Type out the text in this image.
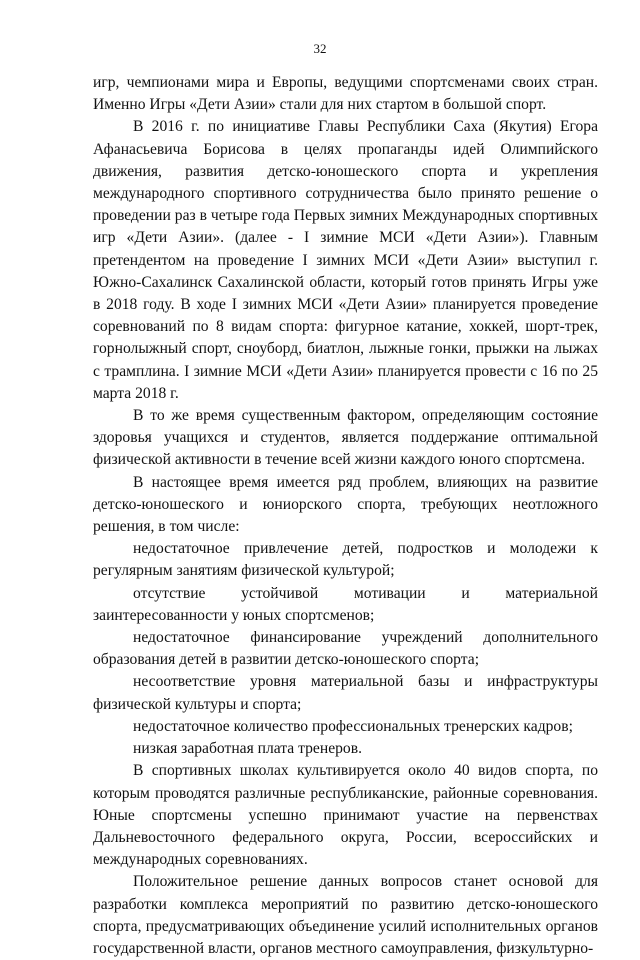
32

игр, чемпионами мира и Европы, ведущими спортсменами своих стран. Именно Игры «Дети Азии» стали для них стартом в большой спорт.

В 2016 г. по инициативе Главы Республики Саха (Якутия) Егора Афанасьевича Борисова в целях пропаганды идей Олимпийского движения, развития детско-юношеского спорта и укрепления международного спортивного сотрудничества было принято решение о проведении раз в четыре года Первых зимних Международных спортивных игр «Дети Азии». (далее - I зимние МСИ «Дети Азии»). Главным претендентом на проведение I зимних МСИ «Дети Азии» выступил г. Южно-Сахалинск Сахалинской области, который готов принять Игры уже в 2018 году. В ходе I зимних МСИ «Дети Азии» планируется проведение соревнований по 8 видам спорта: фигурное катание, хоккей, шорт-трек, горнолыжный спорт, сноуборд, биатлон, лыжные гонки, прыжки на лыжах с трамплина. I зимние МСИ «Дети Азии» планируется провести с 16 по 25 марта 2018 г.

В то же время существенным фактором, определяющим состояние здоровья учащихся и студентов, является поддержание оптимальной физической активности в течение всей жизни каждого юного спортсмена.

В настоящее время имеется ряд проблем, влияющих на развитие детско-юношеского и юниорского спорта, требующих неотложного решения, в том числе:

недостаточное привлечение детей, подростков и молодежи к регулярным занятиям физической культурой;

отсутствие устойчивой мотивации и материальной заинтересованности у юных спортсменов;

недостаточное финансирование учреждений дополнительного образования детей в развитии детско-юношеского спорта;

несоответствие уровня материальной базы и инфраструктуры физической культуры и спорта;

недостаточное количество профессиональных тренерских кадров;

низкая заработная плата тренеров.

В спортивных школах культивируется около 40 видов спорта, по которым проводятся различные республиканские, районные соревнования. Юные спортсмены успешно принимают участие на первенствах Дальневосточного федерального округа, России, всероссийских и международных соревнованиях.

Положительное решение данных вопросов станет основой для разработки комплекса мероприятий по развитию детско-юношеского спорта, предусматривающих объединение усилий исполнительных органов государственной власти, органов местного самоуправления, физкультурно-
